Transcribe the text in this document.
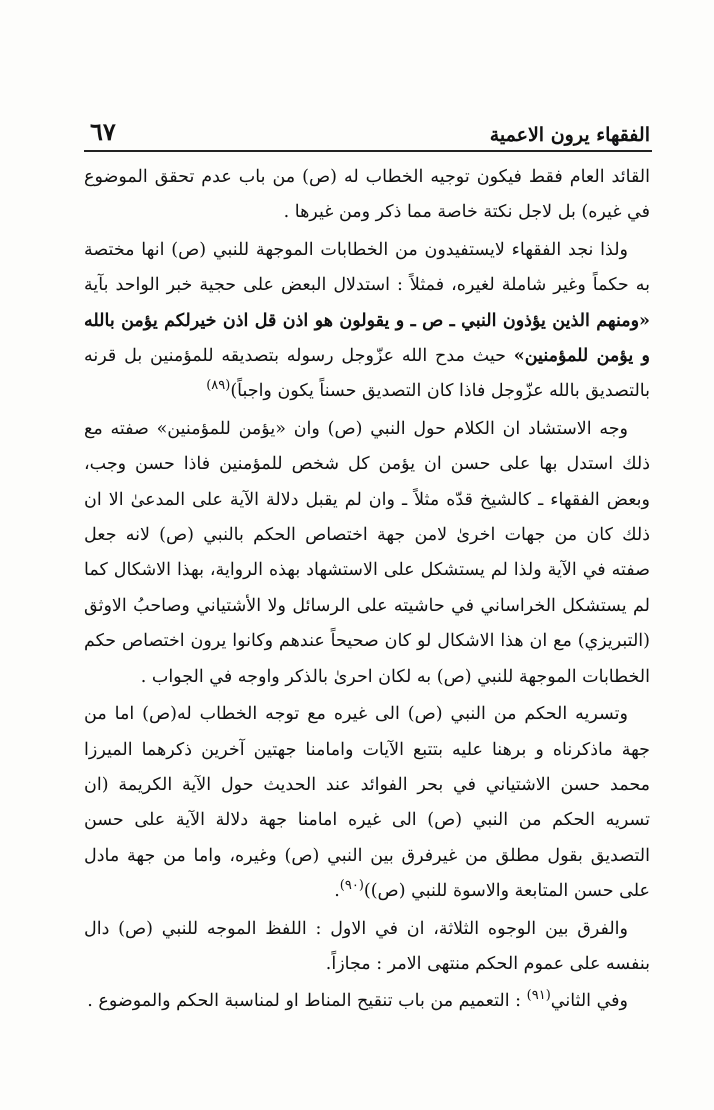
٦٧	الفقهاء يرون الاعمية

القائد العام فقط فيكون توجيه الخطاب له (ص) من باب عدم تحقق الموضوع في غيره) بل لاجل نكتة خاصة مما ذكر ومن غيرها .

ولذا نجد الفقهاء لايستفيدون من الخطابات الموجهة للنبي (ص) انها مختصة به حكماً وغير شاملة لغيره، فمثلاً : استدلال البعض على حجية خبر الواحد بآية «ومنهم الذين يؤذون النبي ـ ص ـ و يقولون هو اذن قل اذن خيرلكم يؤمن بالله و يؤمن للمؤمنين» حيث مدح الله عزّوجل رسوله بتصديقه للمؤمنين بل قرنه بالتصديق بالله عزّوجل فاذا كان التصديق حسناً يكون واجباً)$^{(٨٩)}$

وجه الاستشاد ان الكلام حول النبي (ص) وان «يؤمن للمؤمنين» صفته مع ذلك استدل بها على حسن ان يؤمن كل شخص للمؤمنين فاذا حسن وجب، وبعض الفقهاء ـ كالشيخ قدّه مثلاً ـ وان لم يقبل دلالة الآية على المدعىٰ الا ان ذلك كان من جهات اخرىٰ لامن جهة اختصاص الحكم بالنبي (ص) لانه جعل صفته في الآية ولذا لم يستشكل على الاستشهاد بهذه الرواية، بهذا الاشكال كما لم يستشكل الخراساني في حاشيته على الرسائل ولا الأشتياني وصاحبُ الاوثق (التبريزي) مع ان هذا الاشكال لو كان صحيحاً عندهم وكانوا يرون اختصاص حكم الخطابات الموجهة للنبي (ص) به لكان احرىٰ بالذكر واوجه في الجواب .

وتسريه الحكم من النبي (ص) الى غيره مع توجه الخطاب له(ص) اما من جهة ماذكرناه و برهنا عليه بتتبع الآيات وامامنا جهتين آخرين ذكرهما الميرزا محمد حسن الاشتياني في بحر الفوائد عند الحديث حول الآية الكريمة (ان تسريه الحكم من النبي (ص) الى غيره امامنا جهة دلالة الآية على حسن التصديق بقول مطلق من غيرفرق بين النبي (ص) وغيره، واما من جهة مادل على حسن المتابعة والاسوة للنبي (ص))$^{(٩٠)}$.

والفرق بين الوجوه الثلاثة، ان في الاول : اللفظ الموجه للنبي (ص) دال بنفسه على عموم الحكم منتهى الامر : مجازاً.

وفي الثاني$^{(٩١)}$ : التعميم من باب تنقيح المناط او لمناسبة الحكم والموضوع .
